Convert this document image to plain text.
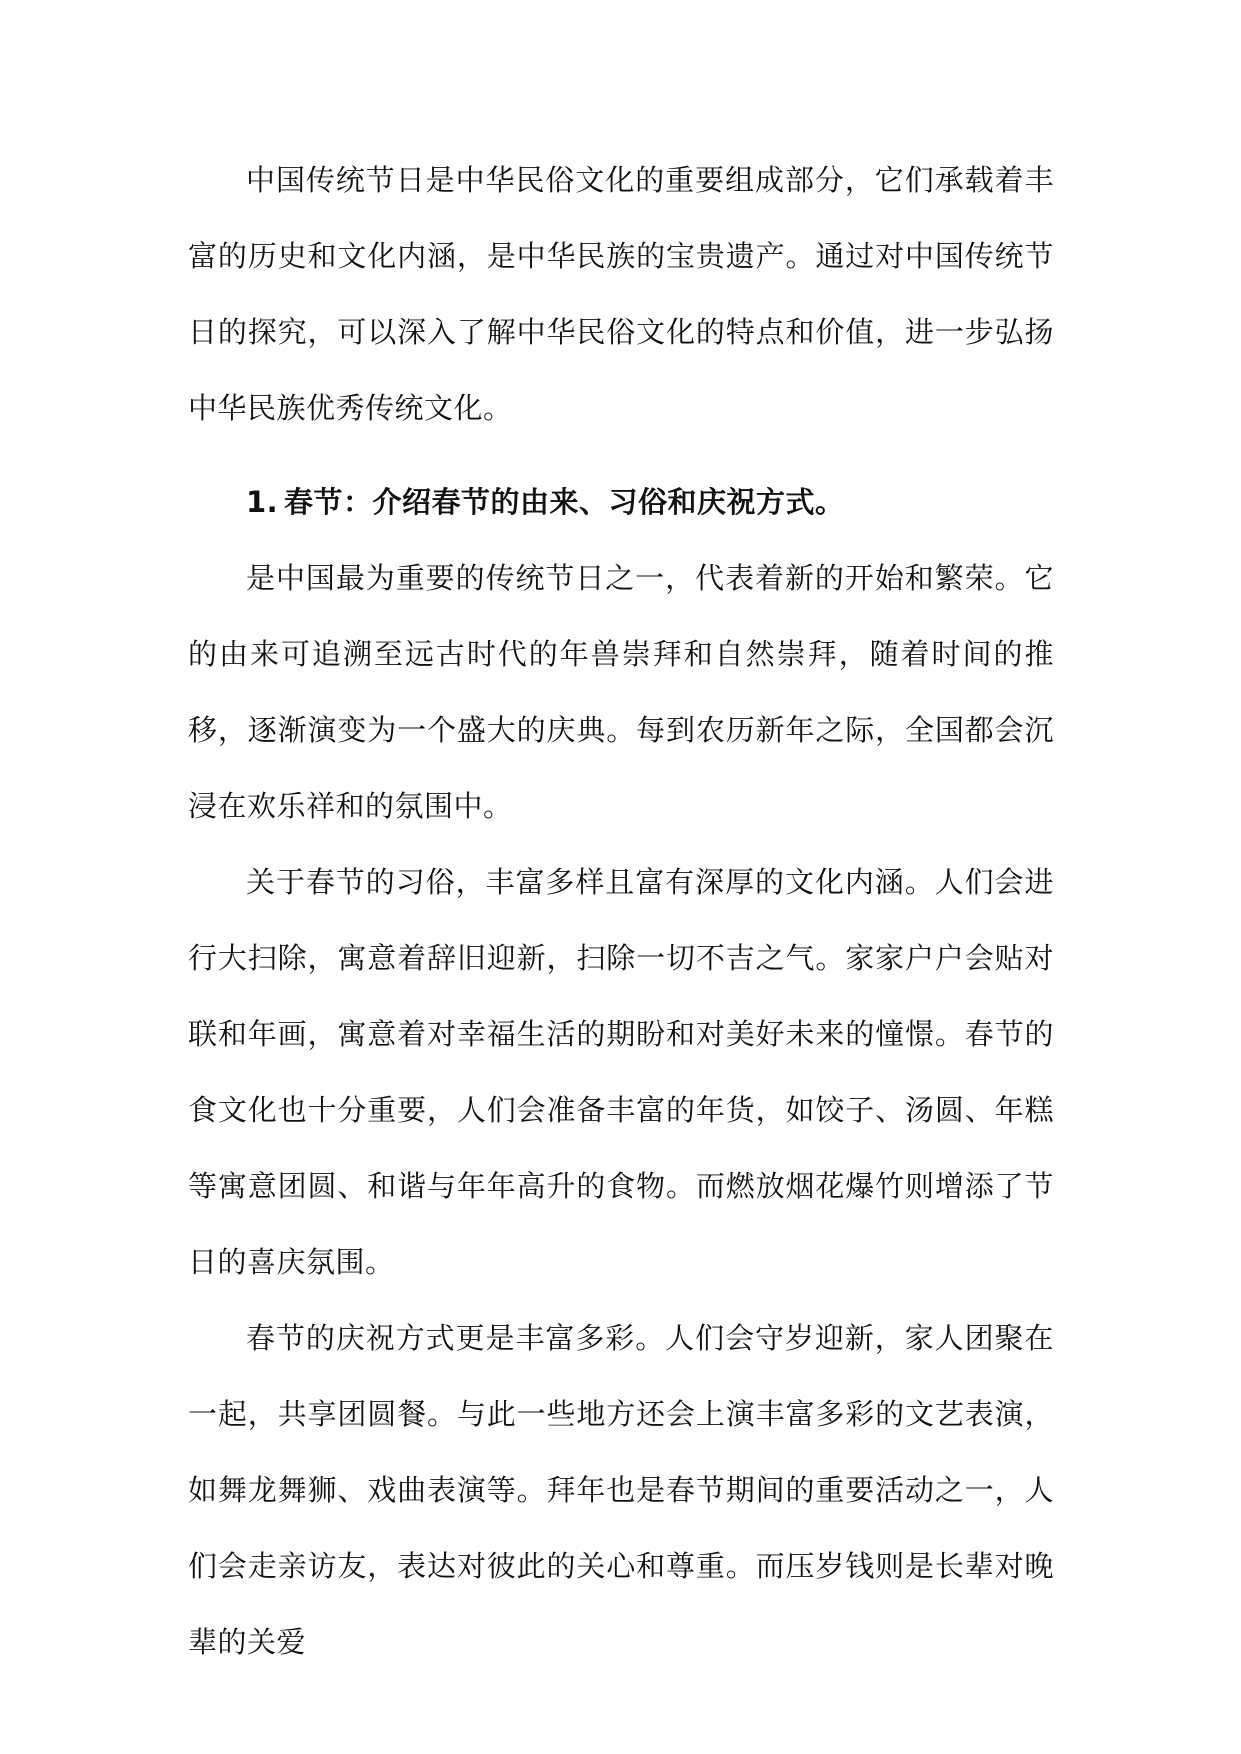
中国传统节日是中华民俗文化的重要组成部分，它们承载着丰富的历史和文化内涵，是中华民族的宝贵遗产。通过对中国传统节日的探究，可以深入了解中华民俗文化的特点和价值，进一步弘扬中华民族优秀传统文化。

1. 春节：介绍春节的由来、习俗和庆祝方式。

是中国最为重要的传统节日之一，代表着新的开始和繁荣。它的由来可追溯至远古时代的年兽崇拜和自然崇拜，随着时间的推移，逐渐演变为一个盛大的庆典。每到农历新年之际，全国都会沉浸在欢乐祥和的氛围中。

关于春节的习俗，丰富多样且富有深厚的文化内涵。人们会进行大扫除，寓意着辞旧迎新，扫除一切不吉之气。家家户户会贴对联和年画，寓意着对幸福生活的期盼和对美好未来的憧憬。春节的食文化也十分重要，人们会准备丰富的年货，如饺子、汤圆、年糕等寓意团圆、和谐与年年高升的食物。而燃放烟花爆竹则增添了节日的喜庆氛围。

春节的庆祝方式更是丰富多彩。人们会守岁迎新，家人团聚在一起，共享团圆餐。与此一些地方还会上演丰富多彩的文艺表演，如舞龙舞狮、戏曲表演等。拜年也是春节期间的重要活动之一，人们会走亲访友，表达对彼此的关心和尊重。而压岁钱则是长辈对晚辈的关爱
